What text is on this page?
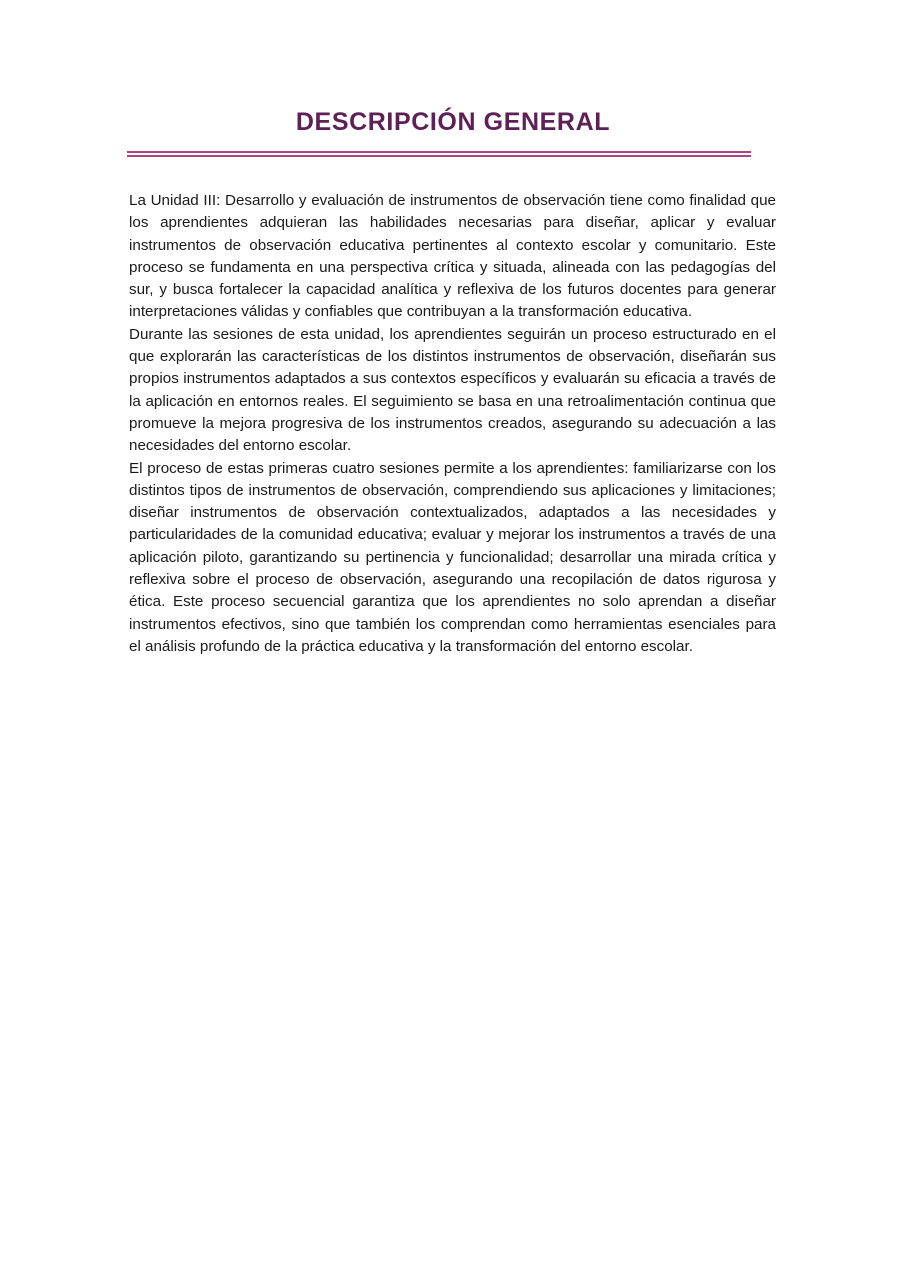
DESCRIPCIÓN GENERAL

La Unidad III: Desarrollo y evaluación de instrumentos de observación tiene como finalidad que los aprendientes adquieran las habilidades necesarias para diseñar, aplicar y evaluar instrumentos de observación educativa pertinentes al contexto escolar y comunitario. Este proceso se fundamenta en una perspectiva crítica y situada, alineada con las pedagogías del sur, y busca fortalecer la capacidad analítica y reflexiva de los futuros docentes para generar interpretaciones válidas y confiables que contribuyan a la transformación educativa.

Durante las sesiones de esta unidad, los aprendientes seguirán un proceso estructurado en el que explorarán las características de los distintos instrumentos de observación, diseñarán sus propios instrumentos adaptados a sus contextos específicos y evaluarán su eficacia a través de la aplicación en entornos reales. El seguimiento se basa en una retroalimentación continua que promueve la mejora progresiva de los instrumentos creados, asegurando su adecuación a las necesidades del entorno escolar.

El proceso de estas primeras cuatro sesiones permite a los aprendientes: familiarizarse con los distintos tipos de instrumentos de observación, comprendiendo sus aplicaciones y limitaciones; diseñar instrumentos de observación contextualizados, adaptados a las necesidades y particularidades de la comunidad educativa; evaluar y mejorar los instrumentos a través de una aplicación piloto, garantizando su pertinencia y funcionalidad; desarrollar una mirada crítica y reflexiva sobre el proceso de observación, asegurando una recopilación de datos rigurosa y ética. Este proceso secuencial garantiza que los aprendientes no solo aprendan a diseñar instrumentos efectivos, sino que también los comprendan como herramientas esenciales para el análisis profundo de la práctica educativa y la transformación del entorno escolar.
